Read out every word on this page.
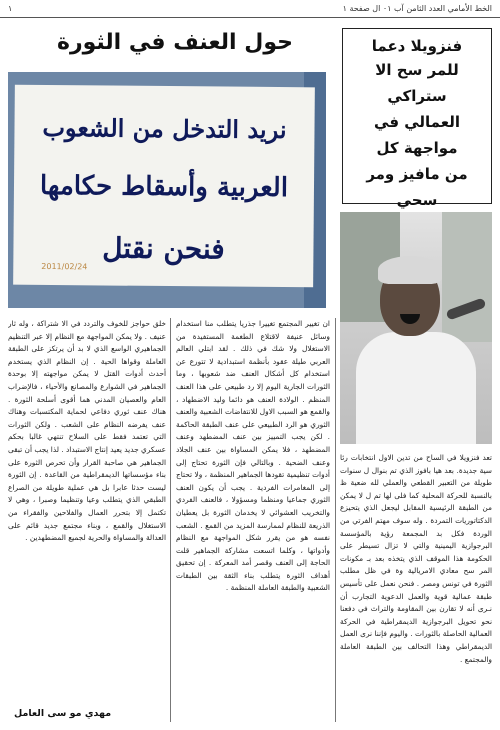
الخط الأمامي العدد الثامن آب ٠١ ال صفحة ١
١
فنزويلا دعما
للمر سح الا ستراكي
العمالي في مواجهة كل
من مافيز ومر سحي
حول العنف في الثورة
نريد التدخل من الشعوب
العربية وأسقاط حكامها
فنحن نقتل
2011/02/24

تعد فنزويلا في الساح من تدين الاول انتخابات رئا سية جديدة. بعد هيا بافوز الذي تم بنوال ل سنوات طويلة من التعبير القطعي والعملي لله ضعية ظ بالنسبة للحركة المحلية كما فلى لها تم ل لا يمكن من الطبقة الرئيسية المقابل ليجعل الذي يتحيزع الدكتاتوريات التمردة . وله سوف مهتم الفرتي من الوردة فكل بد المجمعة رؤية بالمؤسسة البرجوازية اليمينية والتي لا تزال تسيطر على الحكومة هذا الموقف الذي يتخذه بعد بـ مكونات المر سح معادي الامريالية وة في ظل مطلب الثورة في تونس ومصر . فنحن نعمل على تأسيس طبقة عمالية قوية والعمل الدعوية التجارب أن نـرى أنه لا تقارن بين المقاومة والتراث في دفعنا نحو تحويل البرجوازية الديمقراطية في الحركة العمالية الحاصلة بالثورات . واليوم فإننا نرى العمل الديمقراطي وهذا التحالف بين الطبقة العاملة والمجتمع .

ان تغيير المجتمع تغييرا جذريا يتطلب منا استخدام وسائل عنيفة لاقتلاع الطغمة المستفيدة من الاستغلال ولا شك في ذلك . لقد ابتلي العالم العربي طيلة عقود بأنظمة استبدادية لا تتورع عن استخدام كل أشكال العنف ضد شعوبها ، وما الثورات الجارية اليوم إلا رد طبيعي على هذا العنف المنظم . الولادة العنف هو دائما وليد الاضطهاد ، والقمع هو السبب الاول للانتفاضات الشعبية والعنف الثوري هو الرد الطبيعي على عنف الطبقة الحاكمة . لكن يجب التمييز بين عنف المضطهد وعنف المضطهد ، فلا يمكن المساواة بين عنف الجلاد وعنف الضحية . وبالتالي فإن الثورة تحتاج إلى أدوات تنظيمية تقودها الجماهير المنظمة ، ولا تحتاج إلى المغامرات الفردية . يجب أن يكون العنف الثوري جماعيا ومنظما ومسؤولا ، فالعنف الفردي والتخريب العشوائي لا يخدمان الثورة بل يعطيان الذريعة للنظام لممارسة المزيد من القمع . الشعب نفسه هو من يقرر شكل المواجهة مع النظام وأدواتها ، وكلما اتسعت مشاركة الجماهير قلت الحاجة إلى العنف وقصر أمد المعركة . إن تحقيق أهداف الثورة يتطلب بناء الثقة بين الطبقات الشعبية والطبقة العاملة المنظمة .

خلق حواجز للخوف والتردد في الا شتراكة ، وله ثار عنيف . ولا يمكن المواجهة مع النظام إلا عبر التنظيم الجماهيري الواسع الذي لا بد أن يرتكز على الطبقة العاملة وقواها الحية . إن النظام الذي يستخدم أحدث أدوات القتل لا يمكن مواجهته إلا بوحدة الجماهير في الشوارع والمصانع والأحياء ، فالإضراب العام والعصيان المدني هما أقوى أسلحة الثورة . هناك عنف ثوري دفاعي لحماية المكتسبات وهناك عنف يفرضه النظام على الشعب . ولكن الثورات التي تعتمد فقط على السلاح تنتهي غالبا بحكم عسكري جديد يعيد إنتاج الاستبداد . لذا يجب أن تبقى الجماهير هي صاحبة القرار وأن تحرص الثورة على بناء مؤسساتها الديمقراطية من القاعدة . إن الثورة ليست حدثا عابرا بل هي عملية طويلة من الصراع الطبقي الذي يتطلب وعيا وتنظيما وصبرا ، وهي لا تكتمل إلا بتحرر العمال والفلاحين والفقراء من الاستغلال والقمع ، وبناء مجتمع جديد قائم على العدالة والمساواة والحرية لجميع المضطهدين .

مهدي مو سى العامل
